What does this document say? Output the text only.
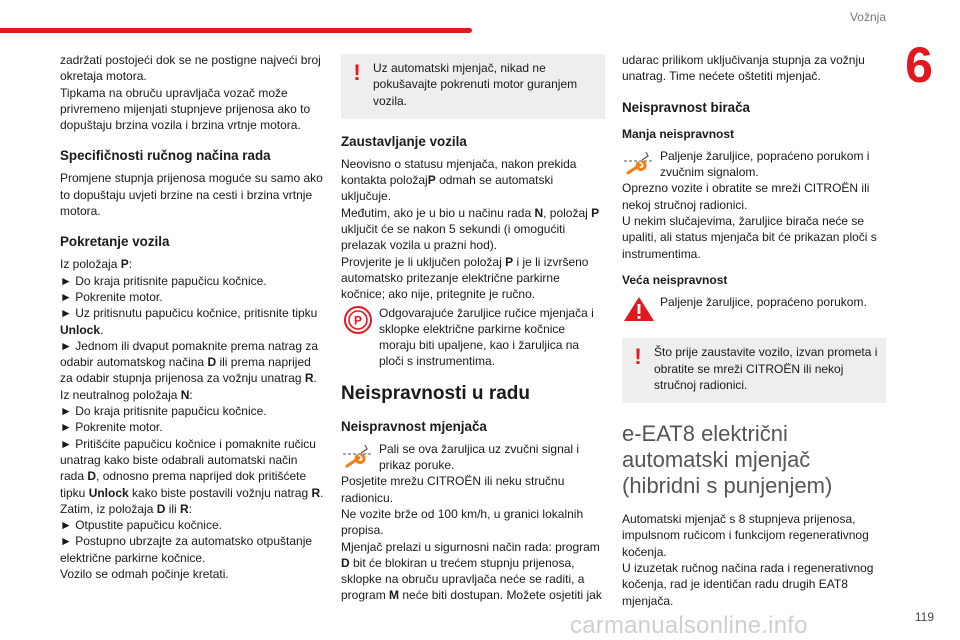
Vožnja
6

zadržati postojeći dok se ne postigne najveći broj okretaja motora.

Tipkama na obruču upravljača vozač može privremeno mijenjati stupnjeve prijenosa ako to dopuštaju brzina vozila i brzina vrtnje motora.

Specifičnosti ručnog načina rada

Promjene stupnja prijenosa moguće su samo ako to dopuštaju uvjeti brzine na cesti i brzina vrtnje motora.

Pokretanje vozila

Iz položaja P:

► Do kraja pritisnite papučicu kočnice.

► Pokrenite motor.

► Uz pritisnutu papučicu kočnice, pritisnite tipku Unlock.

► Jednom ili dvaput pomaknite prema natrag za odabir automatskog načina D ili prema naprijed za odabir stupnja prijenosa za vožnju unatrag R.

Iz neutralnog položaja N:

► Do kraja pritisnite papučicu kočnice.

► Pokrenite motor.

► Pritišćite papučicu kočnice i pomaknite ručicu unatrag kako biste odabrali automatski način rada D, odnosno prema naprijed dok pritišćete tipku Unlock kako biste postavili vožnju natrag R.

Zatim, iz položaja D ili R:

► Otpustite papučicu kočnice.

► Postupno ubrzajte za automatsko otpuštanje električne parkirne kočnice.

Vozilo se odmah počinje kretati.

!	Uz automatski mjenjač, nikad ne pokušavajte pokrenuti motor guranjem vozila.

Zaustavljanje vozila

Neovisno o statusu mjenjača, nakon prekida kontakta položajP odmah se automatski uključuje.

Međutim, ako je u bio u načinu rada N, položaj P uključit će se nakon 5 sekundi (i omogućiti prelazak vozila u prazni hod).

Provjerite je li uključen položaj P i je li izvršeno automatsko pritezanje električne parkirne kočnice; ako nije, pritegnite je ručno.

P

Odgovarajuće žaruljice ručice mjenjača i sklopke električne parkirne kočnice moraju biti upaljene, kao i žaruljica na ploči s instrumentima.

Neispravnosti u radu
Neispravnost mjenjača

Pali se ova žaruljica uz zvučni signal i prikaz poruke.

Posjetite mrežu CITROËN ili neku stručnu radionicu.

Ne vozite brže od 100 km/h, u granici lokalnih propisa.

Mjenjač prelazi u sigurnosni način rada: program D bit će blokiran u trećem stupnju prijenosa, sklopke na obruču upravljača neće se raditi, a program M neće biti dostupan. Možete osjetiti jak

udarac prilikom uključivanja stupnja za vožnju unatrag. Time nećete oštetiti mjenjač.

Neispravnost birača
Manja neispravnost

Paljenje žaruljice, popraćeno porukom i zvučnim signalom.

Oprezno vozite i obratite se mreži CITROËN ili nekoj stručnoj radionici.

U nekim slučajevima, žaruljice birača neće se upaliti, ali status mjenjača bit će prikazan ploči s instrumentima.

Veća neispravnost

Paljenje žaruljice, popraćeno porukom.

!	Što prije zaustavite vozilo, izvan prometa i obratite se mreži CITROËN ili nekoj stručnoj radionici.

e-EAT8 električni automatski mjenjač (hibridni s punjenjem)

Automatski mjenjač s 8 stupnjeva prijenosa, impulsnom ručicom i funkcijom regenerativnog kočenja.

U izuzetak ručnog načina rada i regenerativnog kočenja, rad je identičan radu drugih EAT8 mjenjača.

carmanualsonline.info	119
